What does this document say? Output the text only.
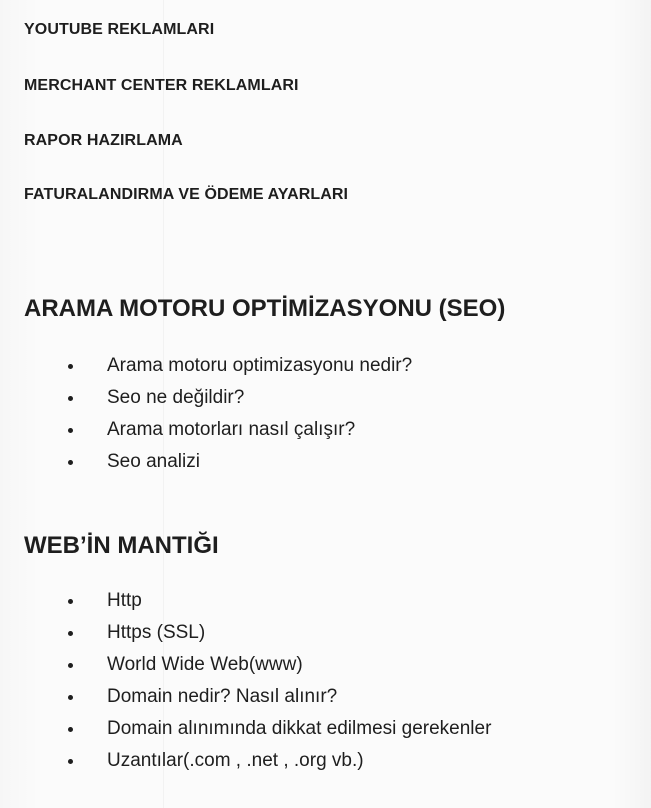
YOUTUBE REKLAMLARI
MERCHANT CENTER REKLAMLARI
RAPOR HAZIRLAMA
FATURALANDIRMA VE ÖDEME AYARLARI
ARAMA MOTORU OPTİMİZASYONU (SEO)
Arama motoru optimizasyonu nedir?
Seo ne değildir?
Arama motorları nasıl çalışır?
Seo analizi
WEB’İN MANTIĞI
Http
Https (SSL)
World Wide Web(www)
Domain nedir? Nasıl alınır?
Domain alınımında dikkat edilmesi gerekenler
Uzantılar(.com , .net , .org vb.)
